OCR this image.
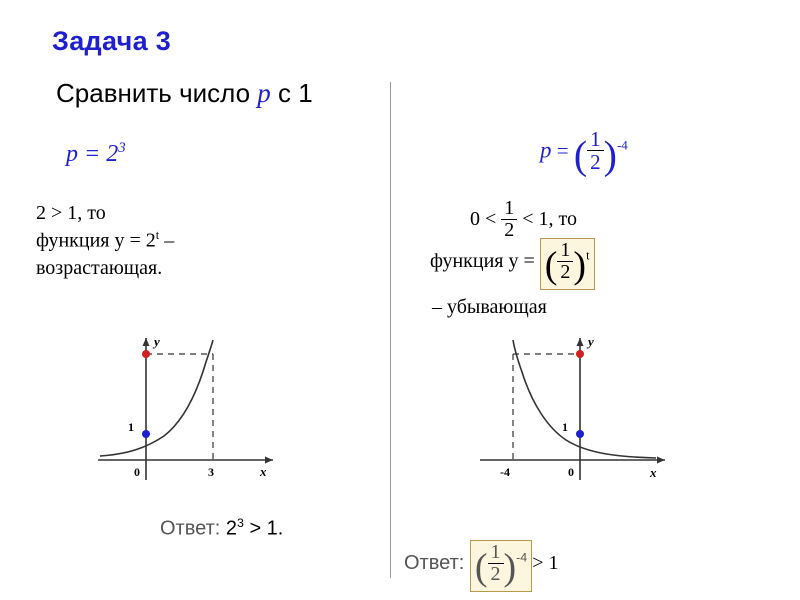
Задача 3
Сравнить число p с 1
$p = 2^3$
2 > 1, то
функция $y = 2^t$ –
возрастающая.
y
x
0	3
1
Ответ: $2^3 > 1$.
p = ( $\frac{1}{2} )^{-4}$
$0 < \frac{1}{2} < 1$, то
функция y = ( $\frac{1}{2} )^t$
– убывающая
y
x
0
-4
1
Ответ: ( $\frac{1}{2} )^{-4} > 1$
